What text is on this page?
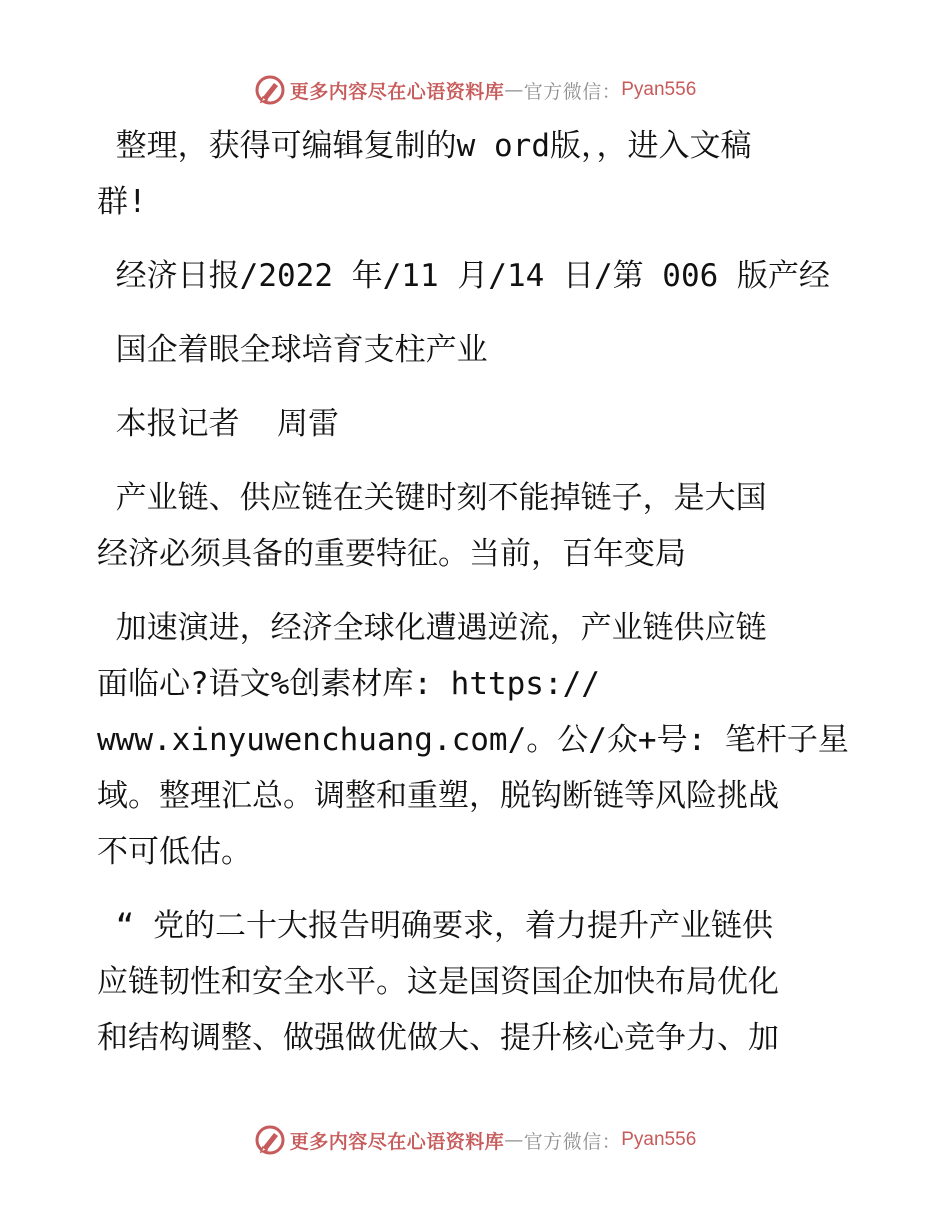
更多内容尽在心语资料库 — 官方微信： Pyan556
整理，获得可编辑复制的w ord版，，进入文稿
群!
经济日报/2022 年/11 月/14 日/第 006 版产经
国企着眼全球培育支柱产业
本报记者  周雷
产业链、供应链在关键时刻不能掉链子，是大国
经济必须具备的重要特征。当前，百年变局
加速演进，经济全球化遭遇逆流，产业链供应链
面临心?语文%创素材库: https://
www.xinyuwenchuang.com/。公/众+号: 笔杆子星
域。整理汇总。调整和重塑，脱钩断链等风险挑战
不可低估。
“ 党的二十大报告明确要求，着力提升产业链供
应链韧性和安全水平。这是国资国企加快布局优化
和结构调整、做强做优做大、提升核心竞争力、加
更多内容尽在心语资料库 — 官方微信： Pyan556
